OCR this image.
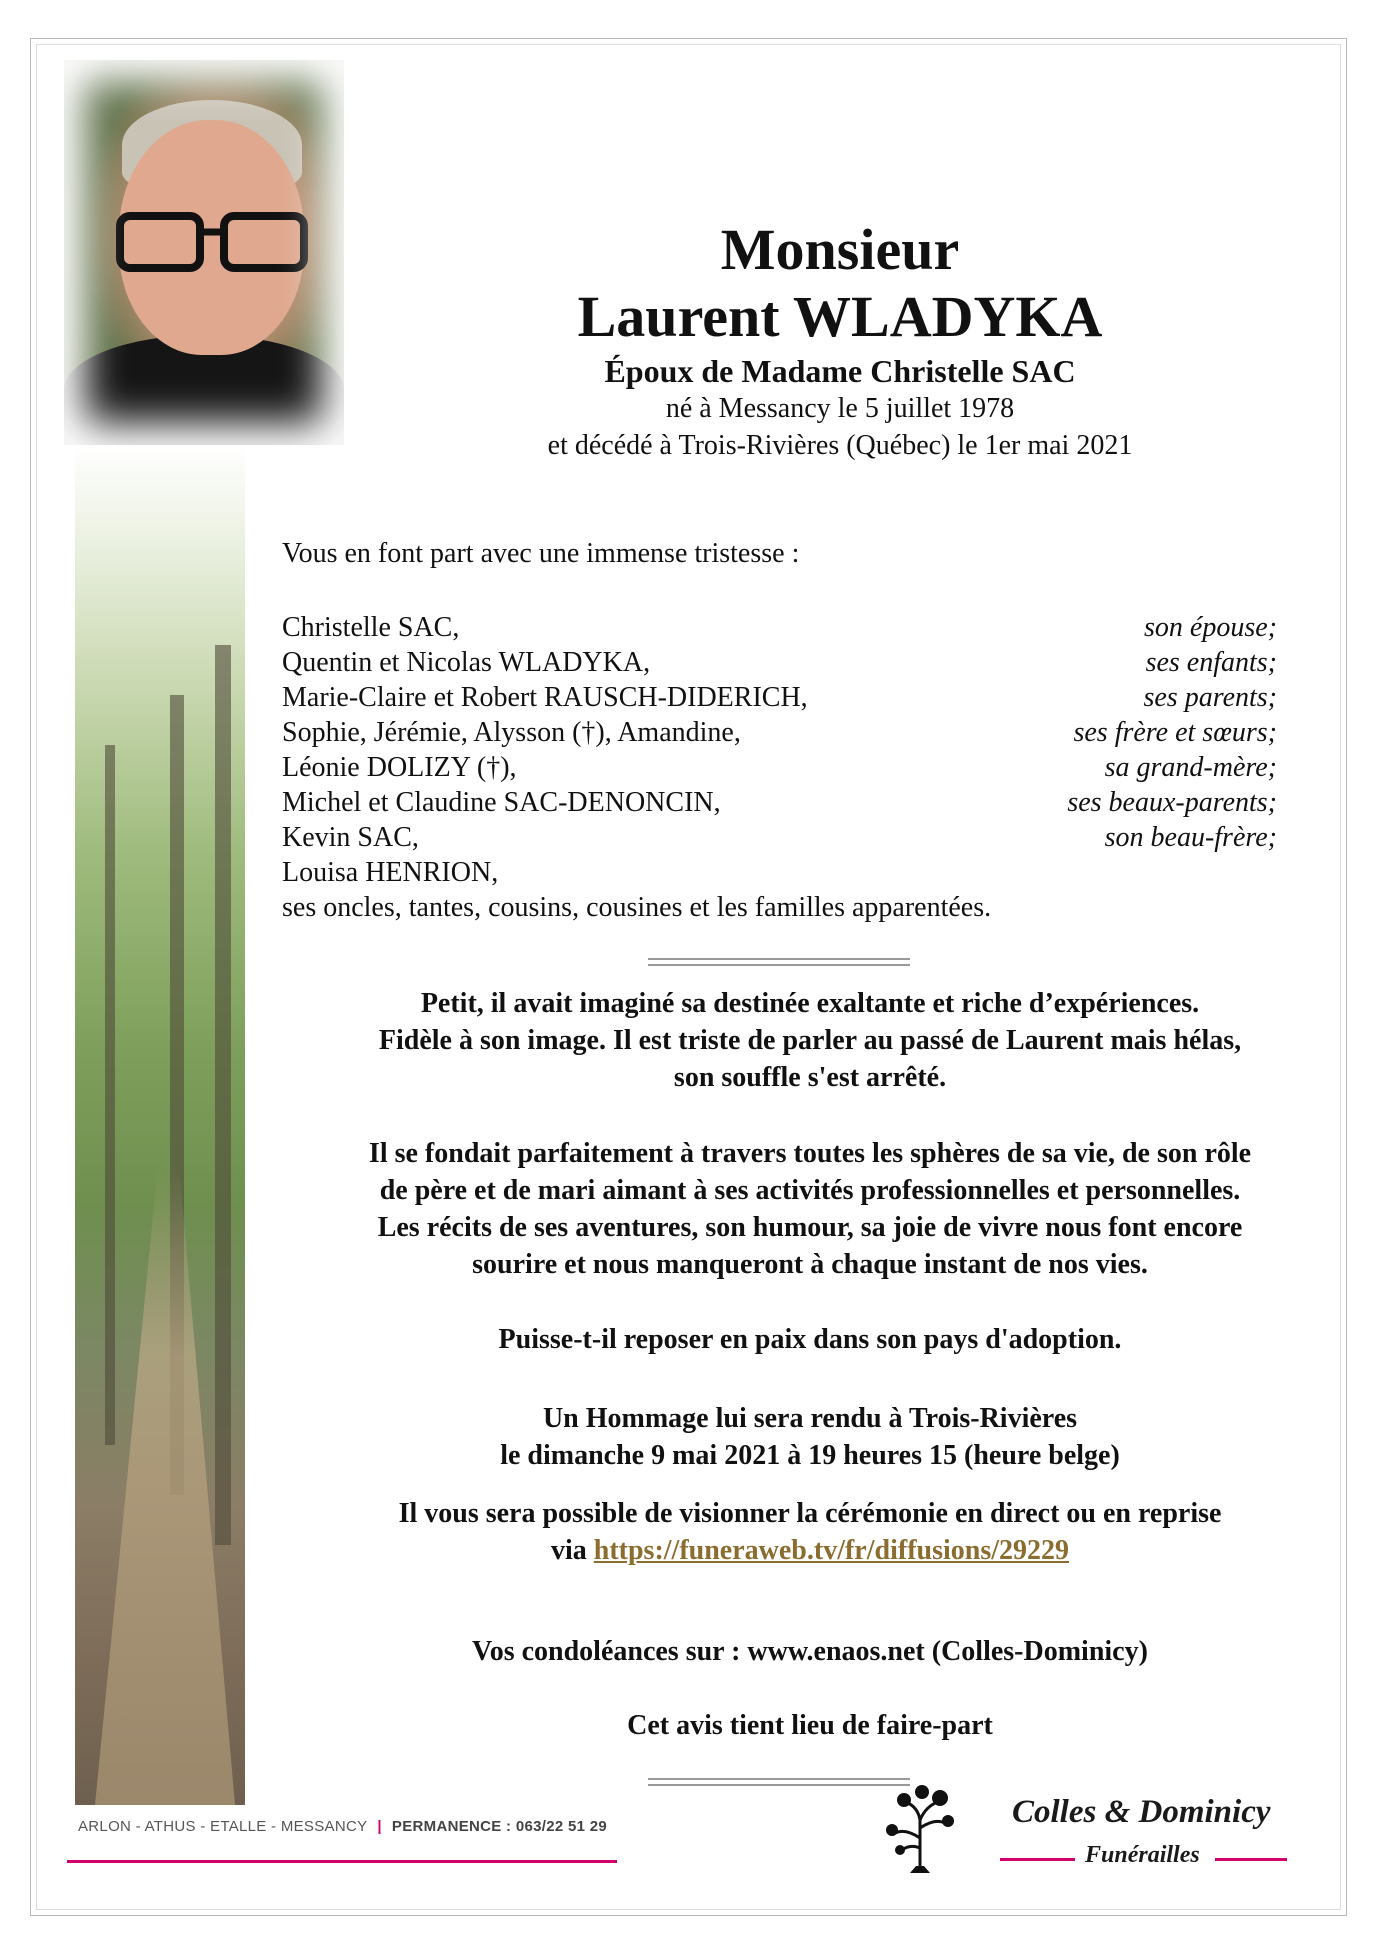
Monsieur
Laurent WLADYKA
Époux de Madame Christelle SAC
né à Messancy le 5 juillet 1978
et décédé à Trois-Rivières (Québec) le 1er mai 2021
Vous en font part avec une immense tristesse :
Christelle SAC,	son épouse;
Quentin et Nicolas WLADYKA,	ses enfants;
Marie-Claire et Robert RAUSCH-DIDERICH,	ses parents;
Sophie, Jérémie, Alysson (†), Amandine,	ses frère et sœurs;
Léonie DOLIZY (†),	sa grand-mère;
Michel et Claudine SAC-DENONCIN,	ses beaux-parents;
Kevin SAC,	son beau-frère;
Louisa HENRION,
ses oncles, tantes, cousins, cousines et les familles apparentées.

Petit, il avait imaginé sa destinée exaltante et riche d’expériences.
Fidèle à son image. Il est triste de parler au passé de Laurent mais hélas,
son souffle s'est arrêté.

Il se fondait parfaitement à travers toutes les sphères de sa vie, de son rôle
de père et de mari aimant à ses activités professionnelles et personnelles.
Les récits de ses aventures, son humour, sa joie de vivre nous font encore
sourire et nous manqueront à chaque instant de nos vies.

Puisse-t-il reposer en paix dans son pays d'adoption.

Un Hommage lui sera rendu à Trois-Rivières
le dimanche 9 mai 2021 à 19 heures 15 (heure belge)

Il vous sera possible de visionner la cérémonie en direct ou en reprise
via https://funeraweb.tv/fr/diffusions/29229

Vos condoléances sur : www.enaos.net (Colles-Dominicy)

Cet avis tient lieu de faire-part

ARLON - ATHUS - ETALLE - MESSANCY | PERMANENCE : 063/22 51 29	Colles & Dominicy
Funérailles
